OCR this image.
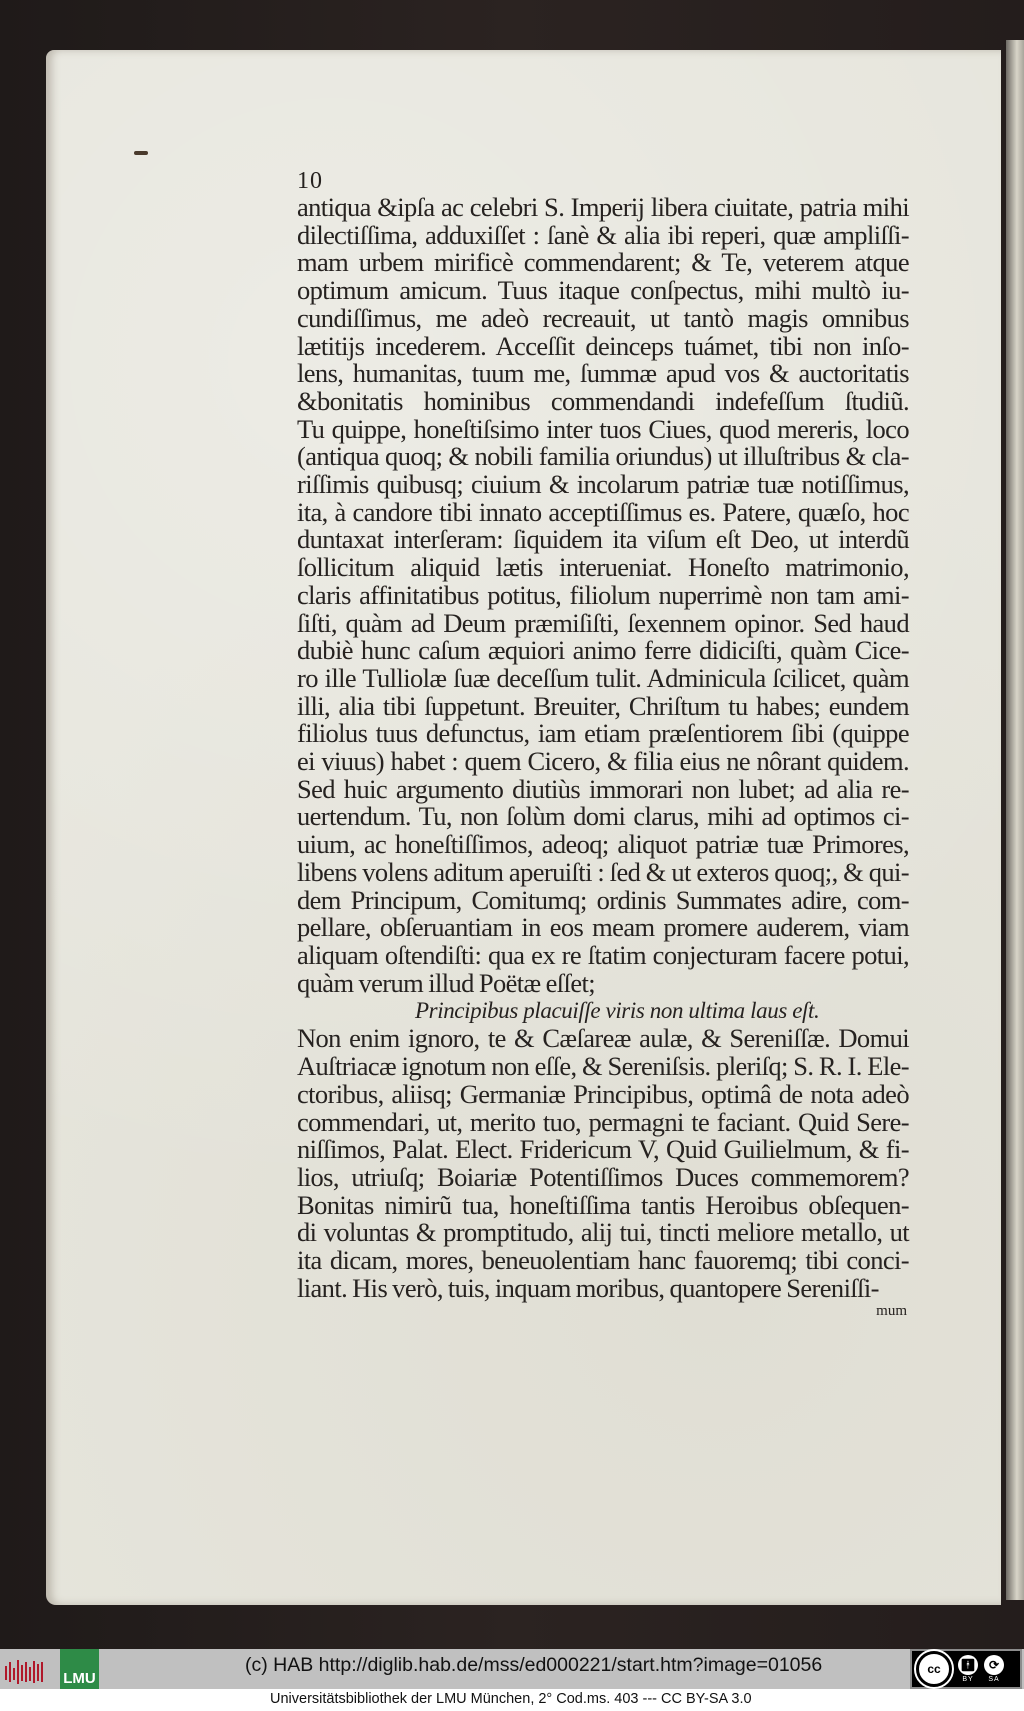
10
antiqua &ipſa ac celebri S. Imperij libera ciuitate, patria mihi
dileᴄtiſſima, adduxiſſet : ſanè & alia ibi reperi, quæ ampliſſi-
mam urbem mirificè commendarent; & Te, veterem atque
optimum amicum. Tuus itaque conſpectus, mihi multò iu-
cundiſſimus, me adeò recreauit, ut tantò magis omnibus
lætitijs incederem. Acceſſit deinceps tuámet, tibi non inſo-
lens, humanitas, tuum me, ſummæ apud vos & auctoritatis
&bonitatis hominibus commendandi indefeſſum ſtudiũ.
Tu quippe, honeſtiſsimo inter tuos Ciues, quod mereris, loco
(antiqua quoq; & nobili familia oriundus) ut illuſtribus & cla-
riſſimis quibusq; ciuium & incolarum patriæ tuæ notiſſimus,
ita, à candore tibi innato acceptiſſimus es. Patere, quæſo, hoc
duntaxat interſeram: ſiquidem ita viſum eſt Deo, ut interdũ
ſollicitum aliquid lætis interueniat. Honeſto matrimonio,
claris affinitatibus potitus, filiolum nuperrimè non tam ami-
ſiſti, quàm ad Deum præmiſiſti, ſexennem opinor. Sed haud
dubiè hunc caſum æquiori animo ferre didiciſti, quàm Cice-
ro ille Tulliolæ ſuæ deceſſum tulit. Adminicula ſcilicet, quàm
illi, alia tibi ſuppetunt. Breuiter, Chriſtum tu habes; eundem
filiolus tuus defunctus, iam etiam præſentiorem ſibi (quippe
ei viuus) habet : quem Cicero, & filia eius ne nôrant quidem.
Sed huic argumento diutiùs immorari non lubet; ad alia re-
uertendum. Tu, non ſolùm domi clarus, mihi ad optimos ci-
uium, ac honeſtiſſimos, adeoq; aliquot patriæ tuæ Primores,
libens volens aditum aperuiſti : ſed & ut exteros quoq;, & qui-
dem Principum, Comitumq; ordinis Summates adire, com-
pellare, obſeruantiam in eos meam promere auderem, viam
aliquam oſtendiſti: qua ex re ſtatim conjecturam facere potui,
quàm verum illud Poëtæ eſſet;
Principibus placuiſſe viris non ultima laus eſt.
Non enim ignoro, te & Cæſareæ aulæ, & Sereniſſæ. Domui
Auſtriacæ ignotum non eſſe, & Sereniſsis. pleriſq; S. R. I. Ele-
ctoribus, aliisq; Germaniæ Principibus, optimâ de nota adeò
commendari, ut, merito tuo, permagni te faciant. Quid Sere-
niſſimos, Palat. Elect. Fridericum V, Quid Guilielmum, & fi-
lios, utriuſq; Boiariæ Potentiſſimos Duces commemorem?
Bonitas nimirũ tua, honeſtiſſima tantis Heroibus obſequen-
di voluntas & promptitudo, alij tui, tincti meliore metallo, ut
ita dicam, mores, beneuolentiam hanc fauoremq; tibi conci-
liant. His verò, tuis, inquam moribus, quantopere Sereniſſi-
mum
LMU
(c) HAB http://diglib.hab.de/mss/ed000221/start.htm?image=01056
Universitätsbibliothek der LMU München, 2° Cod.ms. 403 --- CC BY-SA 3.0
cc	🚹︎
BY
⟳
SA
